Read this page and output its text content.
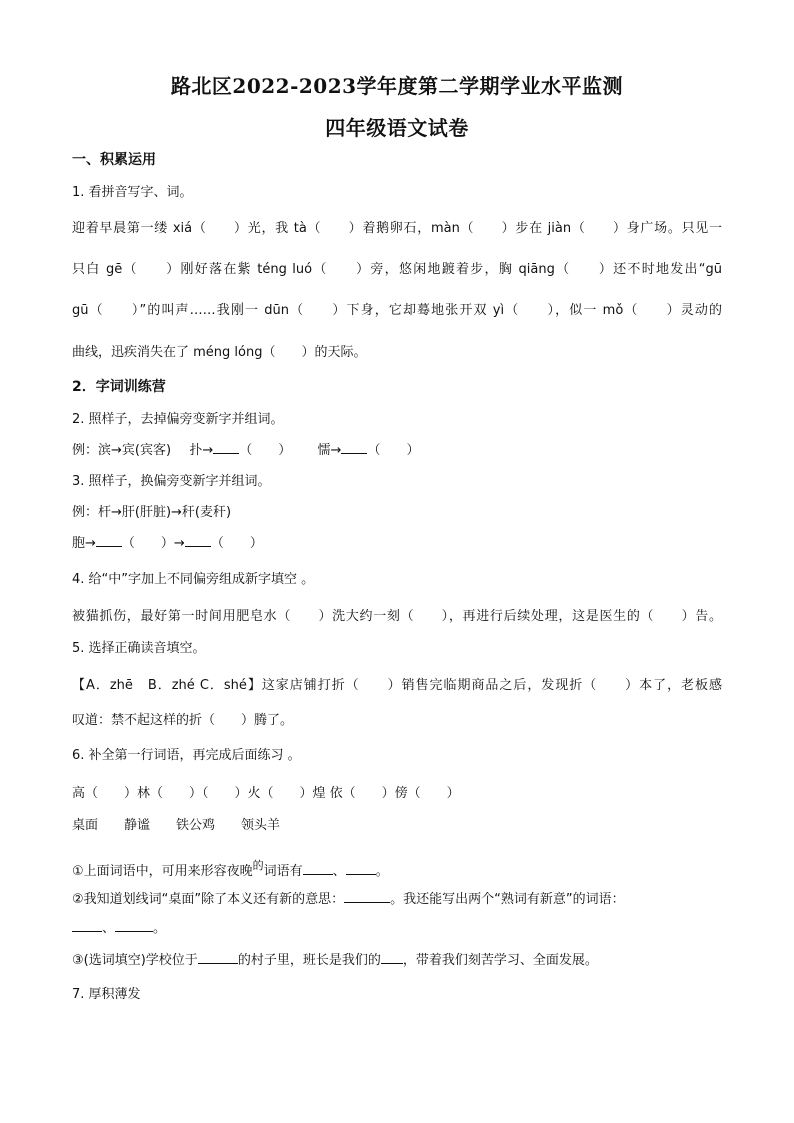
路北区2022-2023学年度第二学期学业水平监测
四年级语文试卷
一、积累运用
1. 看拼音写字、词。
迎着早晨第一缕 xiá（　　）光，我 tà（　　）着鹅卵石，màn（　　）步在 jiàn（　　）身广场。只见一
只白 gē（　　）刚好落在紫 téng luó（　　）旁，悠闲地踱着步，胸 qiāng（　　）还不时地发出“gū
gū（　　）”的叫声……我刚一 dūn（　　）下身，它却蓦地张开双 yì（　　），似一 mǒ（　　）灵动的
曲线，迅疾消失在了 méng lóng（　　）的天际。
2．字词训练营
2. 照样子，去掉偏旁变新字并组词。
例：滨→宾(宾客) 扑→ （　　） 懦→ （　　）
3. 照样子，换偏旁变新字并组词。
例：杆→肝(肝脏)→秆(麦秆)
胞→ （　　）→ （　　）
4. 给“中”字加上不同偏旁组成新字填空 。
被猫抓伤，最好第一时间用肥皂水（　　）洗大约一刻（　　），再进行后续处理，这是医生的（　　）告。
5. 选择正确读音填空。
【A．zhē　B．zhé C．shé】这家店铺打折（　　）销售完临期商品之后，发现折（　　）本了，老板感
叹道：禁不起这样的折（　　）腾了。
6. 补全第一行词语，再完成后面练习 。
高（　　）林（　　）（　　）火（　　）煌 依（　　）傍（　　）
桌面　　静谧　　铁公鸡　　领头羊
①上面词语中，可用来形容夜晚$^的$词语有 、 。
②我知道划线词“桌面”除了本义还有新的意思：	。我还能写出两个“熟词有新意”的词语：
、	。
③(选词填空)学校位于	的村子里，班长是我们的 ，带着我们刻苦学习、全面发展。
7. 厚积薄发
